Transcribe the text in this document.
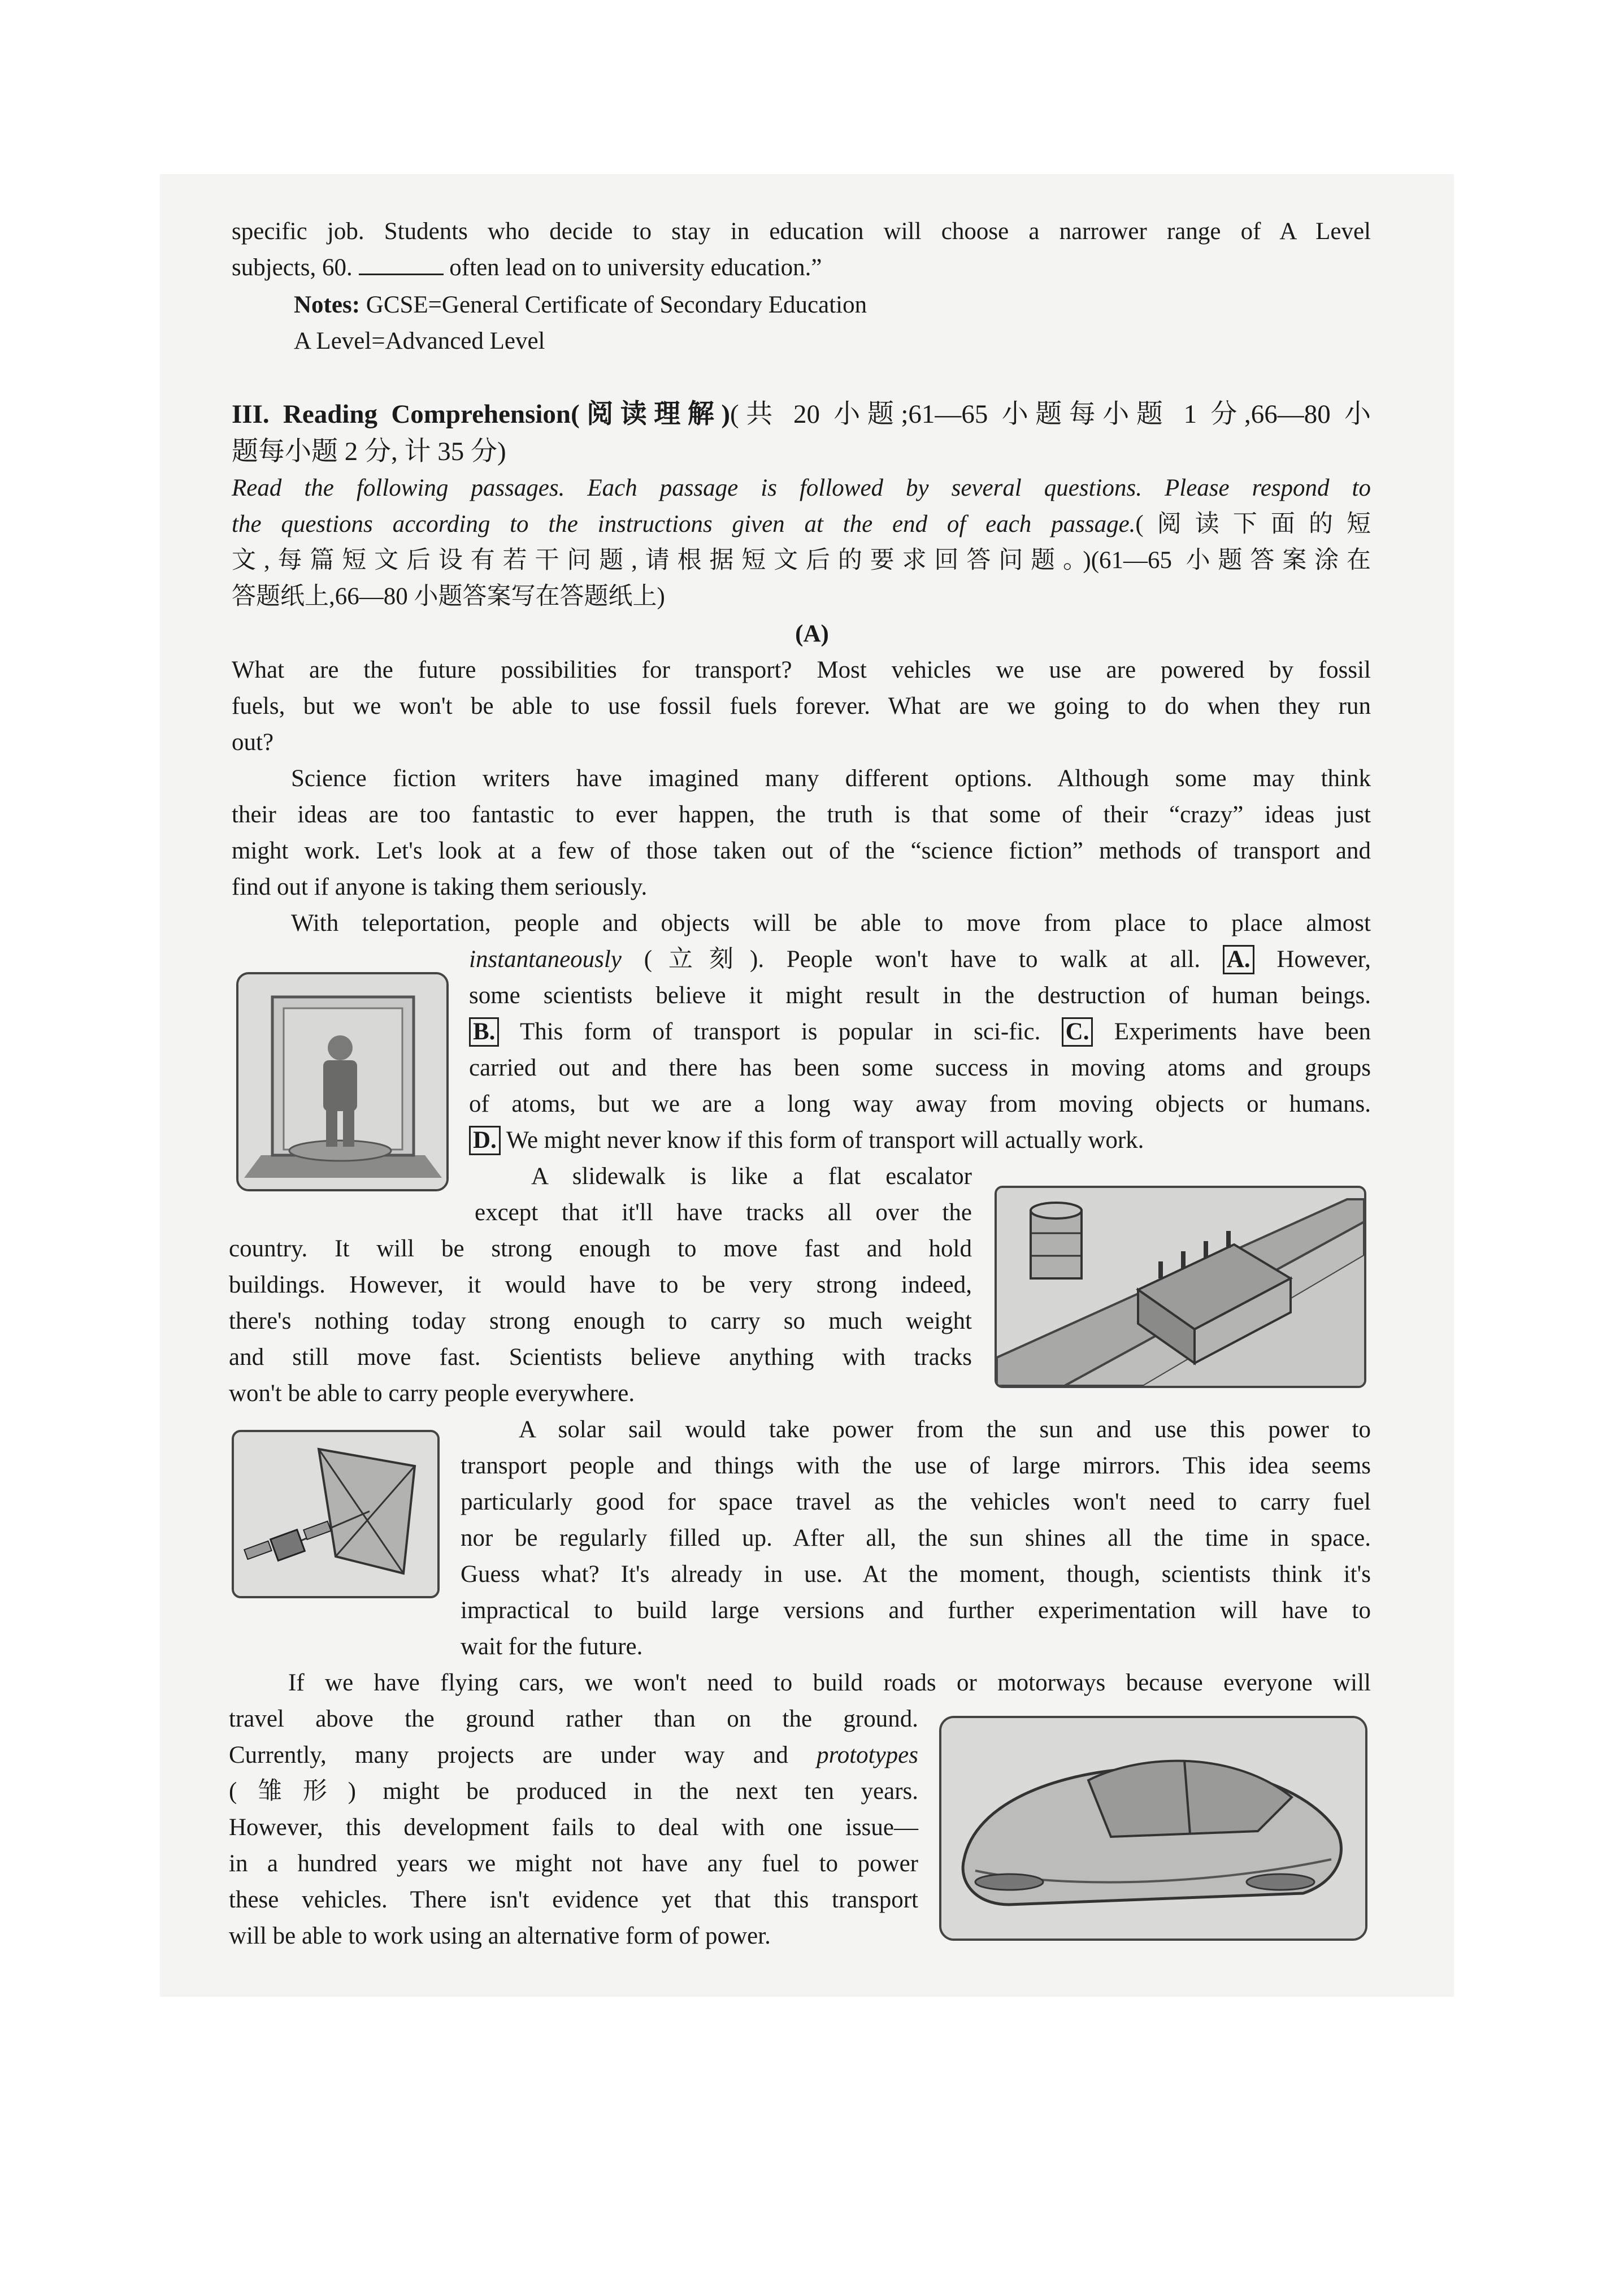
specific job. Students who decide to stay in education will choose a narrower range of A Level
subjects, 60.	often lead on to university education.”
Notes: GCSE=General Certificate of Secondary Education
A Level=Advanced Level
III. Reading Comprehension(阅读理解)(共 20 小题;61—65 小题每小题 1 分,66—80 小
题每小题 2 分, 计 35 分)
Read the following passages. Each passage is followed by several questions. Please respond to
the questions according to the instructions given at the end of each passage.(阅读下面的短
文,每篇短文后设有若干问题,请根据短文后的要求回答问题。)(61—65 小题答案涂在
答题纸上,66—80 小题答案写在答题纸上)
(A)
What are the future possibilities for transport? Most vehicles we use are powered by fossil
fuels, but we won't be able to use fossil fuels forever. What are we going to do when they run
out?
Science fiction writers have imagined many different options. Although some may think
their ideas are too fantastic to ever happen, the truth is that some of their “crazy” ideas just
might work. Let's look at a few of those taken out of the “science fiction” methods of transport and
find out if anyone is taking them seriously.
With teleportation, people and objects will be able to move from place to place almost
instantaneously (立刻). People won't have to walk at all. A. However,
some scientists believe it might result in the destruction of human beings.
B. This form of transport is popular in sci-fic. C. Experiments have been
carried out and there has been some success in moving atoms and groups
of atoms, but we are a long way away from moving objects or humans.
D. We might never know if this form of transport will actually work.
A slidewalk is like a flat escalator
except that it'll have tracks all over the
country. It will be strong enough to move fast and hold
buildings. However, it would have to be very strong indeed,
there's nothing today strong enough to carry so much weight
and still move fast. Scientists believe anything with tracks
won't be able to carry people everywhere.
A solar sail would take power from the sun and use this power to
transport people and things with the use of large mirrors. This idea seems
particularly good for space travel as the vehicles won't need to carry fuel
nor be regularly filled up. After all, the sun shines all the time in space.
Guess what? It's already in use. At the moment, though, scientists think it's
impractical to build large versions and further experimentation will have to
wait for the future.
If we have flying cars, we won't need to build roads or motorways because everyone will
travel above the ground rather than on the ground.
Currently, many projects are under way and prototypes
(雏形) might be produced in the next ten years.
However, this development fails to deal with one issue—
in a hundred years we might not have any fuel to power
these vehicles. There isn't evidence yet that this transport
will be able to work using an alternative form of power.
